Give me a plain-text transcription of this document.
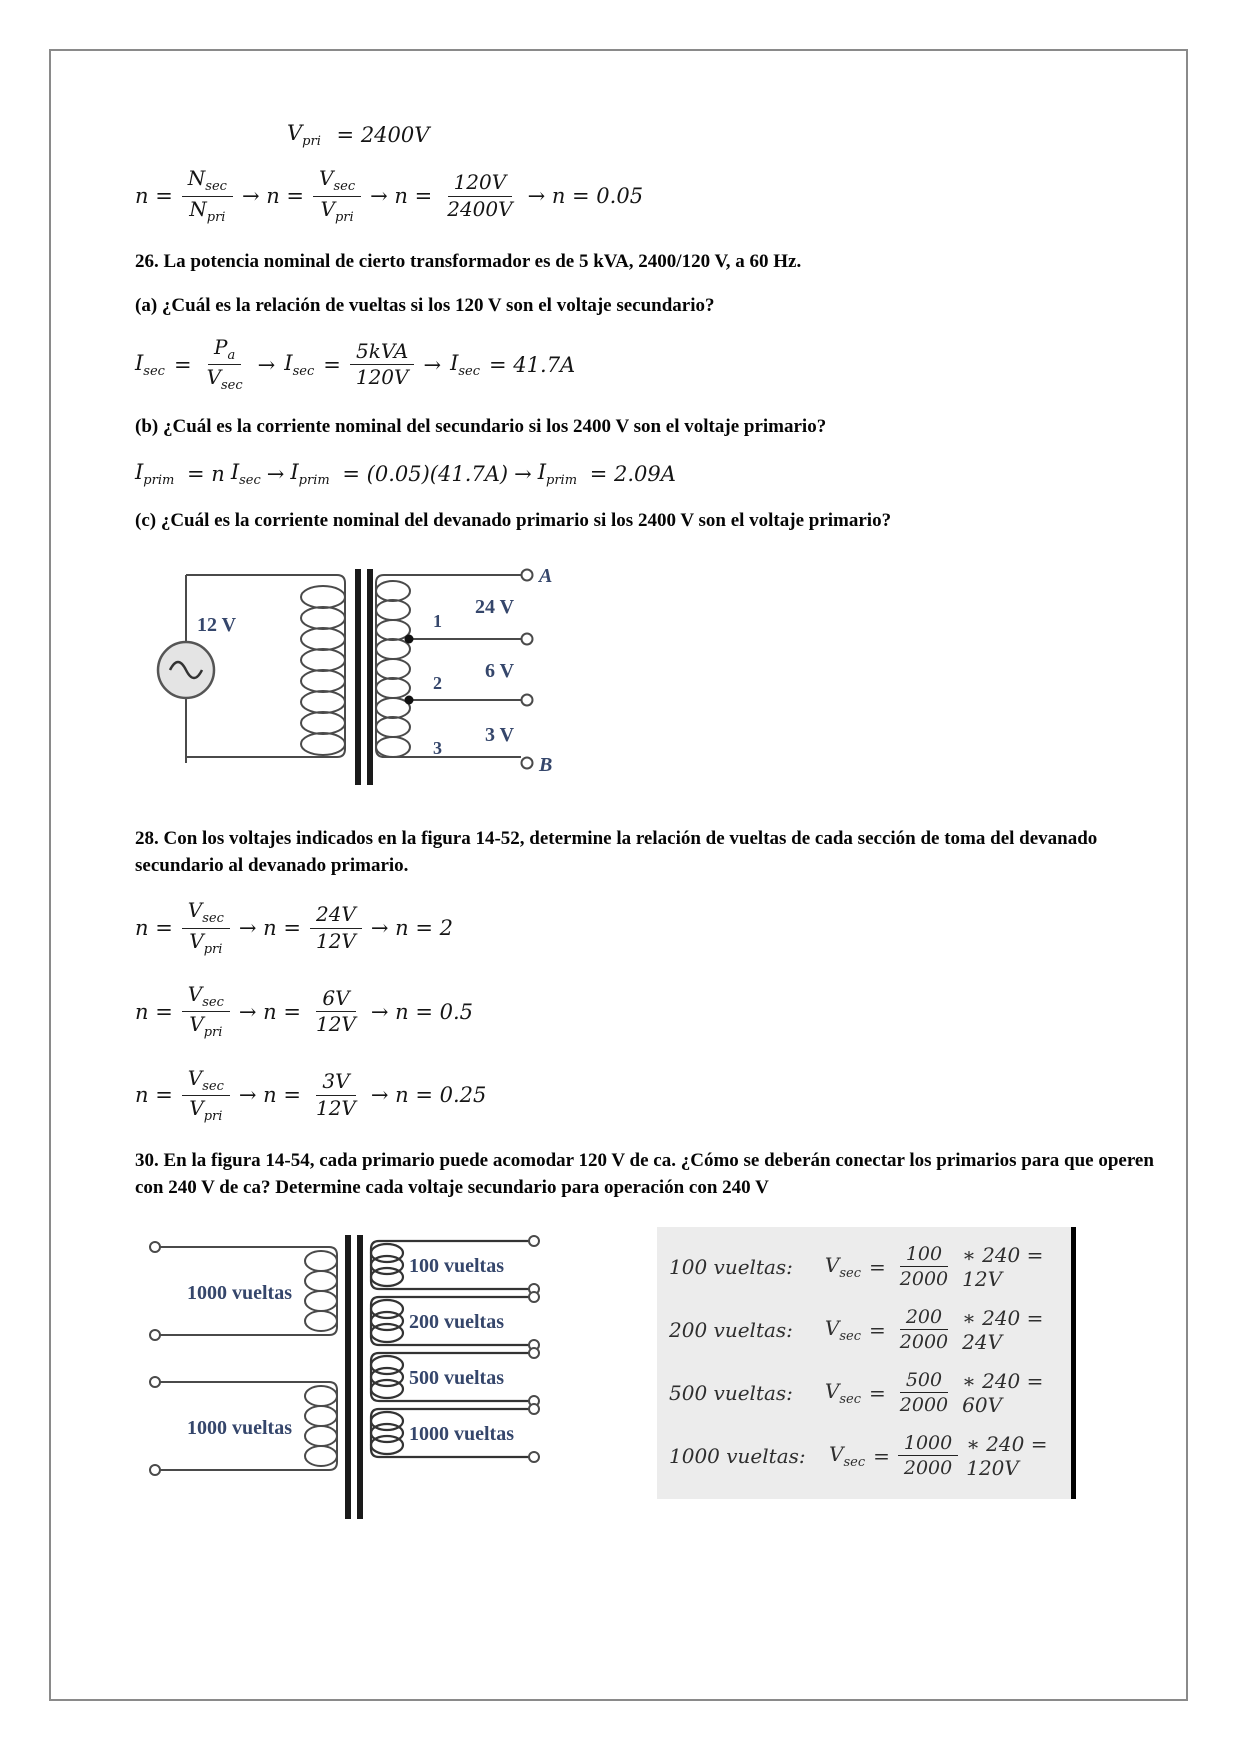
$V_{pri} = 2400V$
$n = \frac{N_{sec}}{N_{pri}} \to n = \frac{V_{sec}}{V_{pri}} \to n = \frac{120V}{2400V} \to n = 0.05$

26. La potencia nominal de cierto transformador es de 5 kVA, 2400/120 V, a 60 Hz.

(a) ¿Cuál es la relación de vueltas si los 120 V son el voltaje secundario?

$I_{sec} = \frac{P_a}{V_{sec}} \to I_{sec} = \frac{\text{5kVA}}{120V} \to I_{sec} = 41.7A$

(b) ¿Cuál es la corriente nominal del secundario si los 2400 V son el voltaje primario?

$I_{prim} = n$ $I_{sec} \to I_{prim} = (0.05)(41.7A) \to I_{prim} = 2.09A$

(c) ¿Cuál es la corriente nominal del devanado primario si los 2400 V son el voltaje primario?

12 V
A
B
1
2
3
24 V
6 V
3 V

28. Con los voltajes indicados en la figura 14-52, determine la relación de vueltas de cada sección de toma del devanado secundario al devanado primario.

$n = \frac{V_{sec}}{V_{pri}} \to n = \frac{24V}{12V} \to n = 2$
$n = \frac{V_{sec}}{V_{pri}} \to n = \frac{6V}{12V} \to n = 0.5$
$n = \frac{V_{sec}}{V_{pri}} \to n = \frac{3V}{12V} \to n = 0.25$

30. En la figura 14-54, cada primario puede acomodar 120 V de ca. ¿Cómo se deberán conectar los primarios para que operen con 240 V de ca? Determine cada voltaje secundario para operación con 240 V

1000 vueltas
1000 vueltas
100 vueltas
200 vueltas
500 vueltas
1000 vueltas
100 vueltas: $V_{sec} = \frac{100}{2000}$ ∗ 240 = 12V
200 vueltas: $V_{sec} = \frac{200}{2000}$ ∗ 240 = 24V
500 vueltas: $V_{sec} = \frac{500}{2000}$ ∗ 240 = 60V
1000 vueltas: $V_{sec} = \frac{1000}{2000}$ ∗ 240 = 120V
